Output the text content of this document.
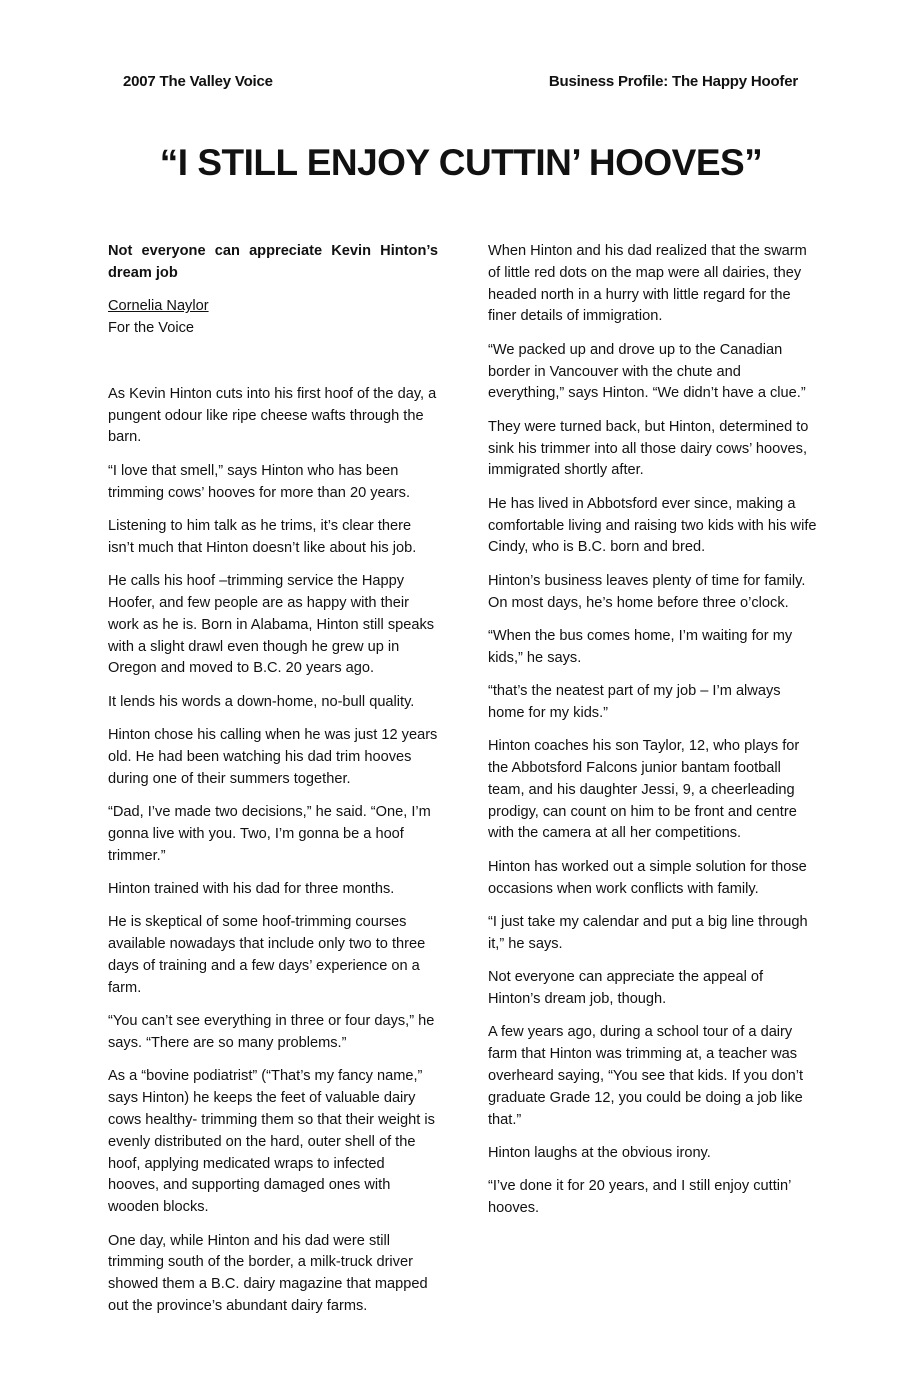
2007 The Valley Voice	Business Profile: The Happy Hoofer
“I STILL ENJOY CUTTIN’ HOOVES”

Not everyone can appreciate Kevin Hinton’s dream job

Cornelia Naylor
For the Voice

As Kevin Hinton cuts into his first hoof of the day, a pungent odour like ripe cheese wafts through the barn.

“I love that smell,” says Hinton who has been trimming cows’ hooves for more than 20 years.

Listening to him talk as he trims, it’s clear there isn’t much that Hinton doesn’t like about his job.

He calls his hoof –trimming service the Happy Hoofer, and few people are as happy with their work as he is. Born in Alabama, Hinton still speaks with a slight drawl even though he grew up in Oregon and moved to B.C. 20 years ago.

It lends his words a down-home, no-bull quality.

Hinton chose his calling when he was just 12 years old. He had been watching his dad trim hooves during one of their summers together.

“Dad, I’ve made two decisions,” he said. “One, I’m gonna live with you. Two, I’m gonna be a hoof trimmer.”

Hinton trained with his dad for three months.

He is skeptical of some hoof-trimming courses available nowadays that include only two to three days of training and a few days’ experience on a farm.

“You can’t see everything in three or four days,” he says. “There are so many problems.”

As a “bovine podiatrist” (“That’s my fancy name,” says Hinton) he keeps the feet of valuable dairy cows healthy- trimming them so that their weight is evenly distributed on the hard, outer shell of the hoof, applying medicated wraps to infected hooves, and supporting damaged ones with wooden blocks.

One day, while Hinton and his dad were still trimming south of the border, a milk-truck driver showed them a B.C. dairy magazine that mapped out the province’s abundant dairy farms.

When Hinton and his dad realized that the swarm of little red dots on the map were all dairies, they headed north in a hurry with little regard for the finer details of immigration.

“We packed up and drove up to the Canadian border in Vancouver with the chute and everything,” says Hinton. “We didn’t have a clue.”

They were turned back, but Hinton, determined to sink his trimmer into all those dairy cows’ hooves, immigrated shortly after.

He has lived in Abbotsford ever since, making a comfortable living and raising two kids with his wife Cindy, who is B.C. born and bred.

Hinton’s business leaves plenty of time for family. On most days, he’s home before three o’clock.

“When the bus comes home, I’m waiting for my kids,” he says.

“that’s the neatest part of my job – I’m always home for my kids.”

Hinton coaches his son Taylor, 12, who plays for the Abbotsford Falcons junior bantam football team, and his daughter Jessi, 9, a cheerleading prodigy, can count on him to be front and centre with the camera at all her competitions.

Hinton has worked out a simple solution for those occasions when work conflicts with family.

“I just take my calendar and put a big line through it,” he says.

Not everyone can appreciate the appeal of Hinton’s dream job, though.

A few years ago, during a school tour of a dairy farm that Hinton was trimming at, a teacher was overheard saying, “You see that kids. If you don’t graduate Grade 12, you could be doing a job like that.”

Hinton laughs at the obvious irony.

“I’ve done it for 20 years, and I still enjoy cuttin’ hooves.
